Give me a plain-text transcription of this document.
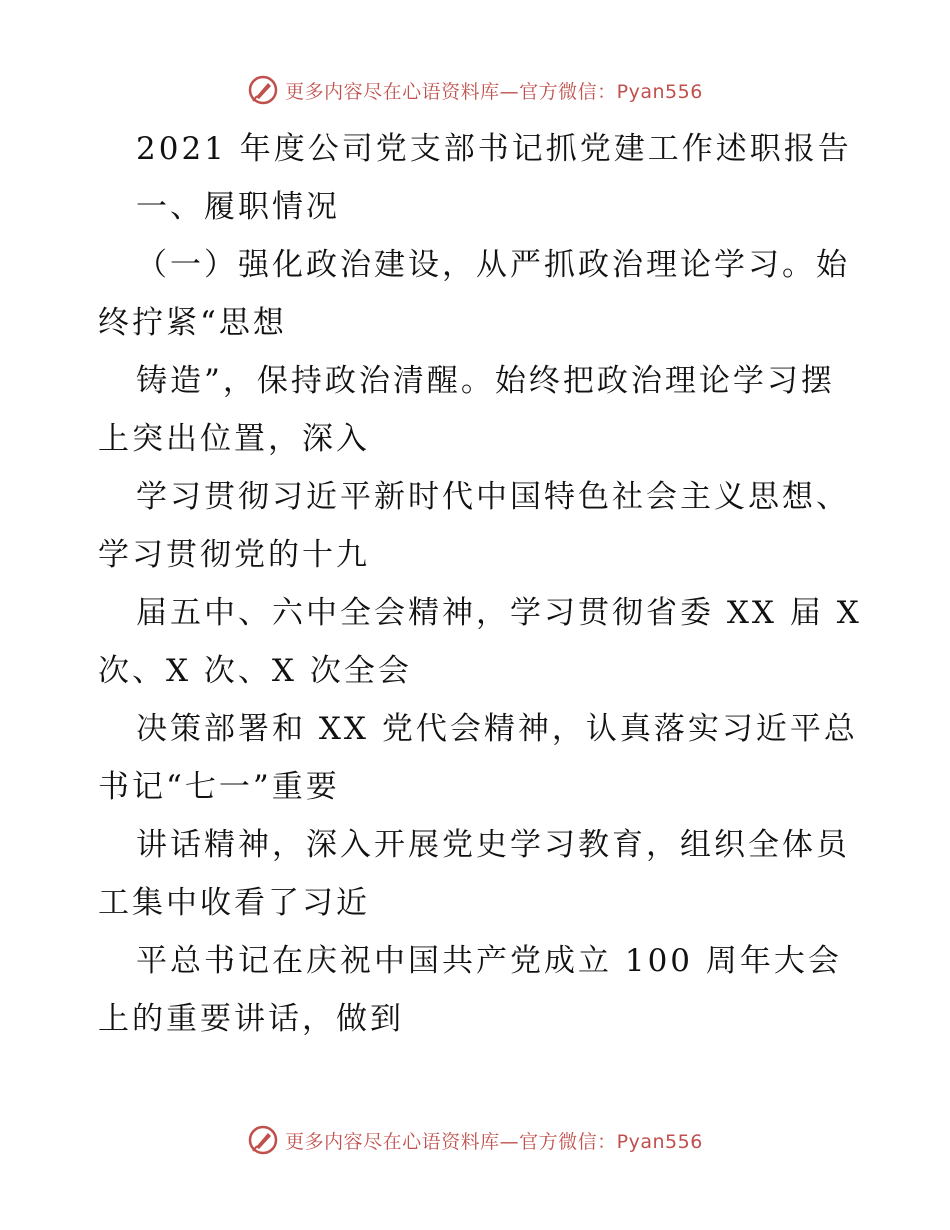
更多内容尽在心语资料库—官方微信：Pyan556
2021 年度公司党支部书记抓党建工作述职报告
一、履职情况
（一）强化政治建设，从严抓政治理论学习。始
终拧紧“思想
铸造”，保持政治清醒。始终把政治理论学习摆
上突出位置，深入
学习贯彻习近平新时代中国特色社会主义思想、
学习贯彻党的十九
届五中、六中全会精神，学习贯彻省委 XX 届 X
次、X 次、X 次全会
决策部署和 XX 党代会精神，认真落实习近平总
书记“七一”重要
讲话精神，深入开展党史学习教育，组织全体员
工集中收看了习近
平总书记在庆祝中国共产党成立 100 周年大会
上的重要讲话，做到
更多内容尽在心语资料库—官方微信：Pyan556
